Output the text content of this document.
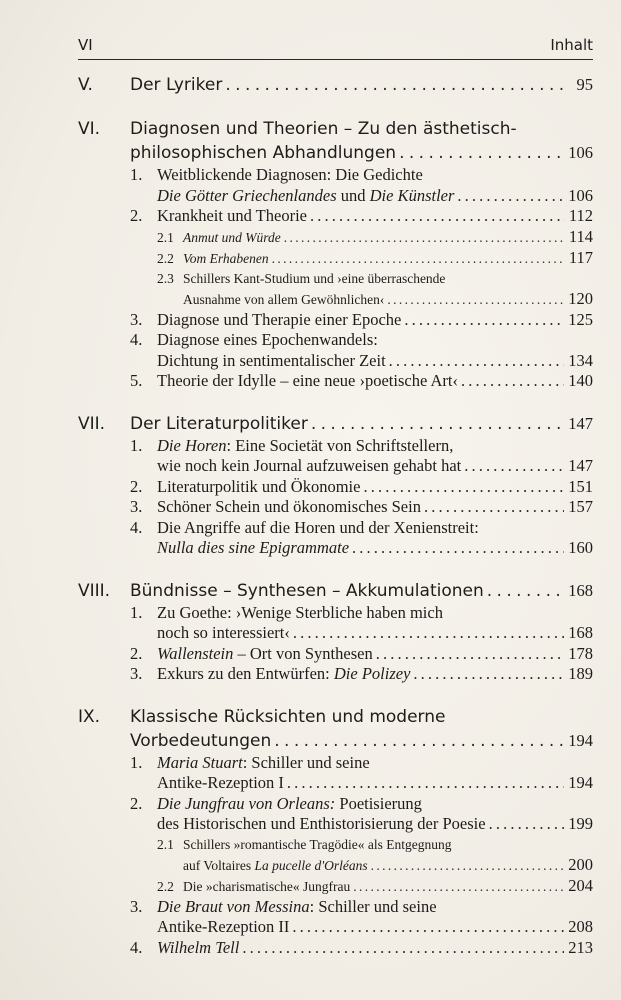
VI	Inhalt
V. Der Lyriker . . .	95
VI. Diagnosen und Theorien – Zu den ästhetisch-
philosophischen Abhandlungen . . .	106
1. Weitblickende Diagnosen: Die Gedichte
Die Götter Griechenlandes und Die Künstler . . .	106
2. Krankheit und Theorie . . .	112
2.1 Anmut und Würde . . .	114
2.2 Vom Erhabenen . . .	117
2.3 Schillers Kant-Studium und ›eine überraschende
Ausnahme von allem Gewöhnlichen‹ . . .	120
3. Diagnose und Therapie einer Epoche . . .	125
4. Diagnose eines Epochenwandels:
Dichtung in sentimentalischer Zeit . . .	134
5. Theorie der Idylle – eine neue ›poetische Art‹ . . .	140
VII. Der Literaturpolitiker . . .	147
1. Die Horen : Eine Societät von Schriftstellern,
wie noch kein Journal aufzuweisen gehabt hat . . .	147
2. Literaturpolitik und Ökonomie . . .	151
3. Schöner Schein und ökonomisches Sein . . .	157
4. Die Angriffe auf die Horen und der Xenienstreit:
Nulla dies sine Epigrammate . . .	160
VIII. Bündnisse – Synthesen – Akkumulationen . . .	168
1. Zu Goethe: ›Wenige Sterbliche haben mich
noch so interessiert‹ . . .	168
2. Wallenstein – Ort von Synthesen . . .	178
3. Exkurs zu den Entwürfen: Die Polizey . . .	189
IX. Klassische Rücksichten und moderne
Vorbedeutungen . . .	194
1. Maria Stuart : Schiller und seine
Antike-Rezeption I . . .	194
2. Die Jungfrau von Orleans: Poetisierung
des Historischen und Enthistorisierung der Poesie . . .	199
2.1 Schillers »romantische Tragödie« als Entgegnung
auf Voltaires La pucelle d'Orléans . . .	200
2.2 Die »charismatische« Jungfrau . . .	204
3. Die Braut von Messina : Schiller und seine
Antike-Rezeption II . . .	208
4. Wilhelm Tell . . .	213
